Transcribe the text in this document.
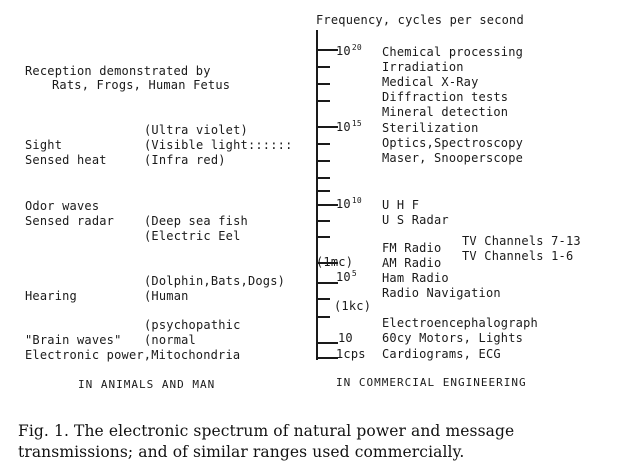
Frequency, cycles per second
$10^{20}$
$10^{15}$
$10^{10}$
(1mc)
$10^5$
(1kc)
10
1cps
Chemical processing
Irradiation
Medical X-Ray
Diffraction tests
Mineral detection
Sterilization
Optics,Spectroscopy
Maser, Snooperscope
U H F
U S Radar
FM Radio
AM Radio
TV Channels 7-13
TV Channels 1-6
Ham Radio
Radio Navigation
Electroencephalograph
60cy Motors, Lights
Cardiograms, ECG
Reception demonstrated by
Rats, Frogs, Human Fetus
(Ultra violet)
Sight	(Visible light::::::
Sensed heat	(Infra red)
Odor waves
Sensed radar (Deep sea fish
(Electric Eel
(Dolphin,Bats,Dogs)
Hearing	(Human
(psychopathic
"Brain waves" (normal
Electronic power,Mitochondria
IN ANIMALS AND MAN	IN COMMERCIAL ENGINEERING
Fig. 1. The electronic spectrum of natural power and message
transmissions; and of similar ranges used commercially.
